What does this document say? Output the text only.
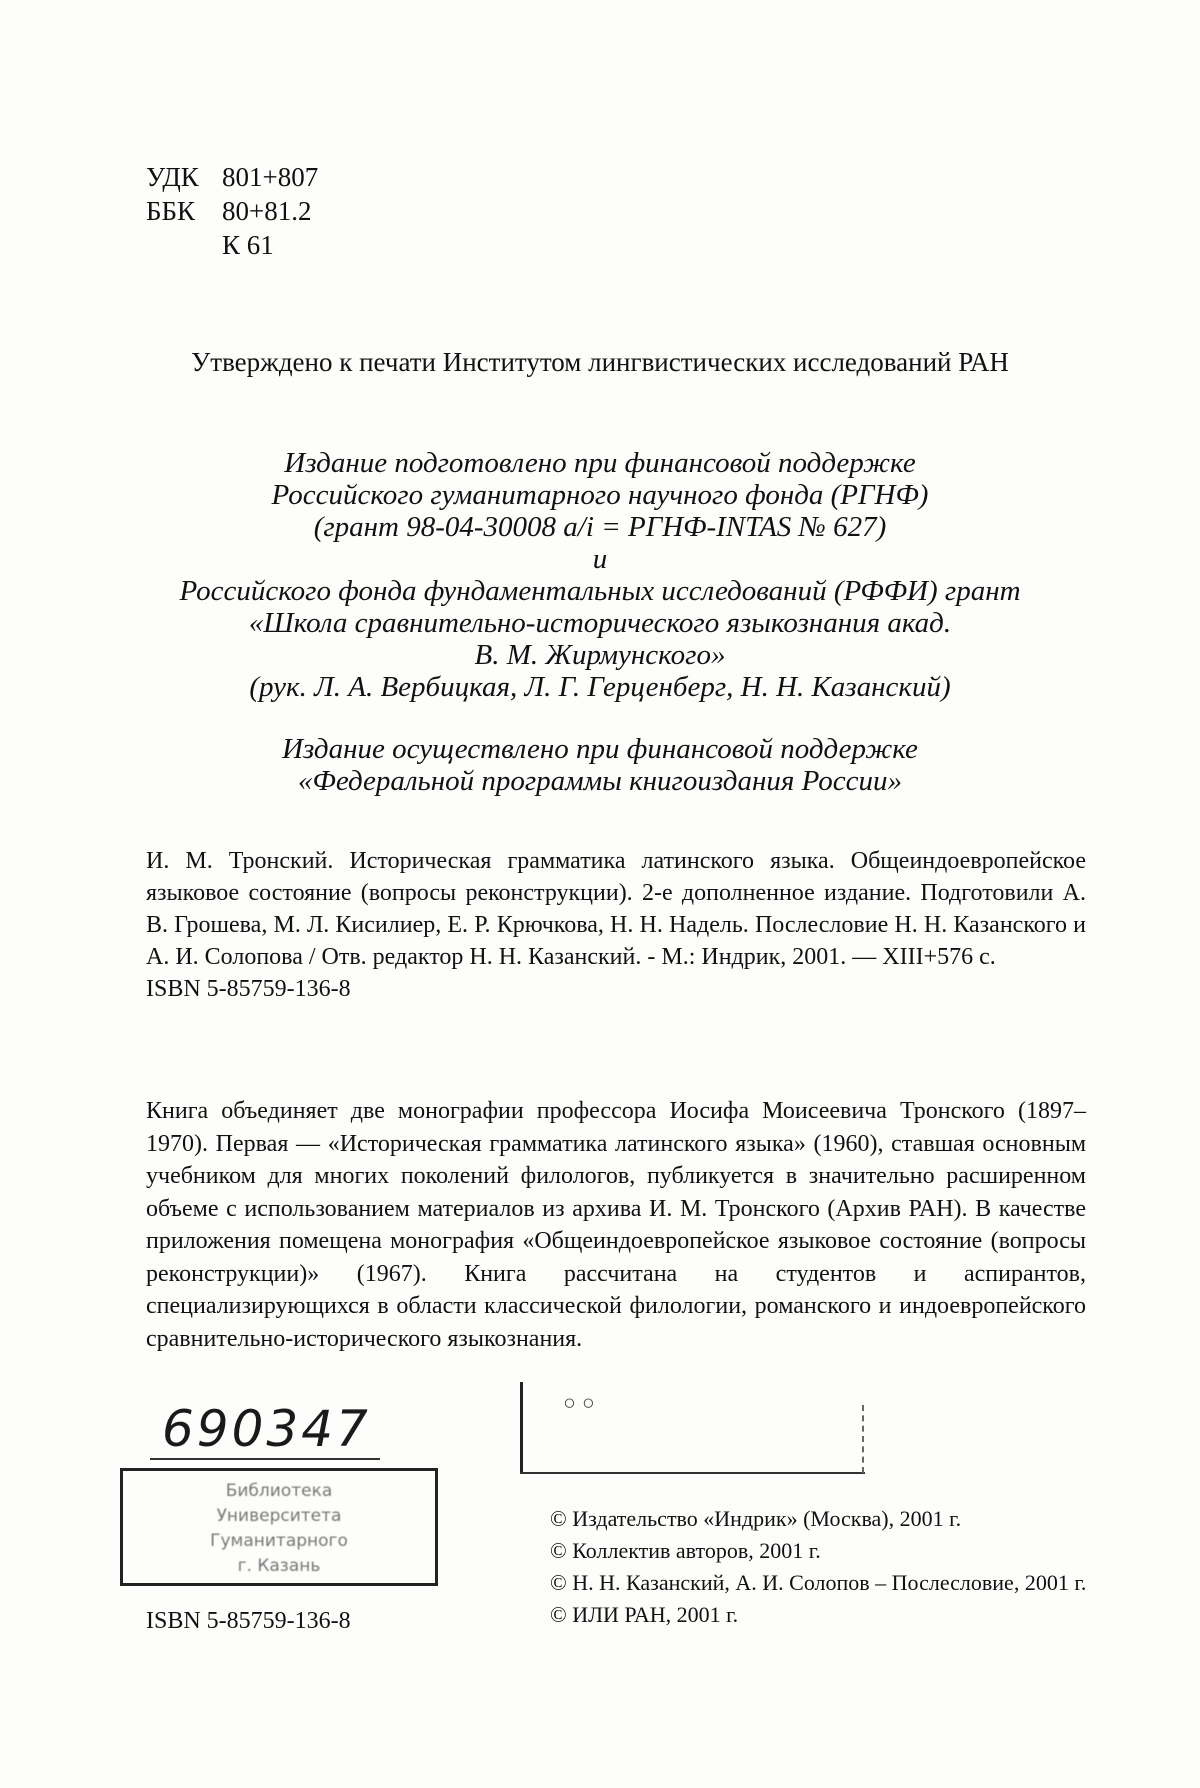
УДК 801+807
ББК 80+81.2
К 61
Утверждено к печати Институтом лингвистических исследований РАН
Издание подготовлено при финансовой поддержке
Российского гуманитарного научного фонда (РГНФ)
(грант 98-04-30008 a/i = РГНФ-INTAS № 627)
и
Российского фонда фундаментальных исследований (РФФИ) грант
«Школа сравнительно-исторического языкознания акад.
В. М. Жирмунского»
(рук. Л. А. Вербицкая, Л. Г. Герценберг, Н. Н. Казанский)
Издание осуществлено при финансовой поддержке
«Федеральной программы книгоиздания России»
И. М. Тронский. Историческая грамматика латинского языка. Общеиндоевропейское языковое состояние (вопросы реконструкции). 2-е дополненное издание. Подготовили А. В. Грошева, М. Л. Кисилиер, Е. Р. Крючкова, Н. Н. Надель. Послесловие Н. Н. Казанского и А. И. Солопова / Отв. редактор Н. Н. Казанский. - М.: Индрик, 2001. — XIII+576 с.
ISBN 5-85759-136-8
Книга объединяет две монографии профессора Иосифа Моисеевича Тронского (1897–1970). Первая — «Историческая грамматика латинского языка» (1960), ставшая основным учебником для многих поколений филологов, публикуется в значительно расширенном объеме с использованием материалов из архива И. М. Тронского (Архив РАН). В качестве приложения помещена монография «Общеиндоевропейское языковое состояние (вопросы реконструкции)» (1967). Книга рассчитана на студентов и аспирантов, специализирующихся в области классической филологии, романского и индоевропейского сравнительно-исторического языкознания.
◦◦
690347
Библиотека
Университета
Гуманитарного
г. Казань
ISBN 5-85759-136-8
© Издательство «Индрик» (Москва), 2001 г.
© Коллектив авторов, 2001 г.
© Н. Н. Казанский, А. И. Солопов – Послесловие, 2001 г.
© ИЛИ РАН, 2001 г.
